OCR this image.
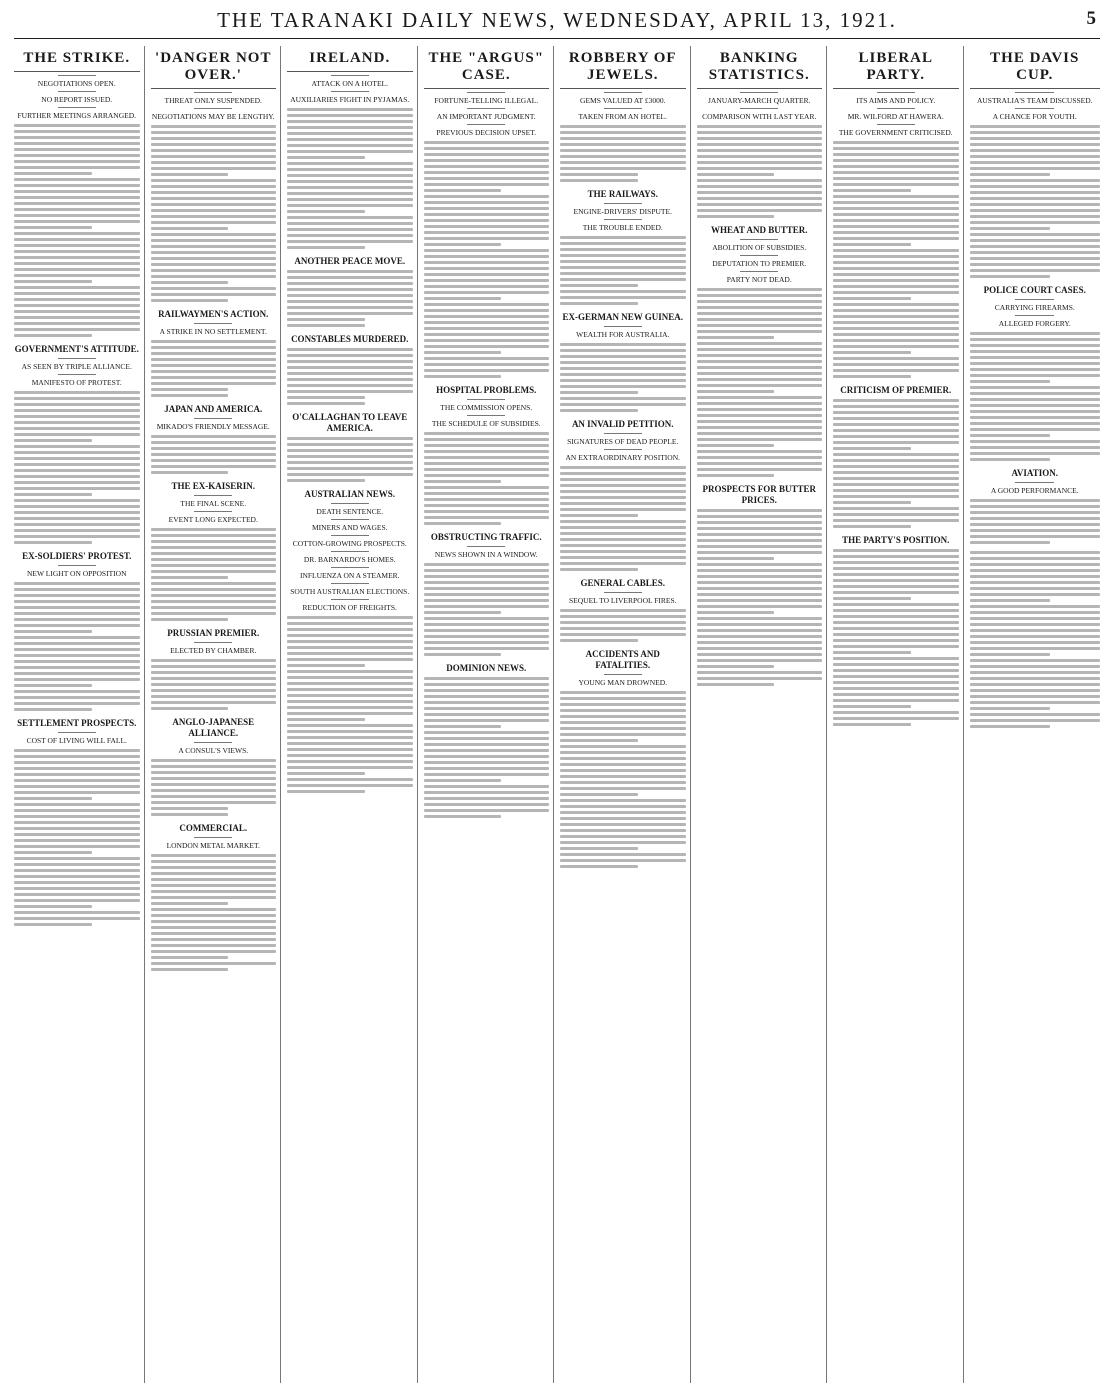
THE TARANAKI DAILY NEWS, WEDNESDAY, APRIL 13, 1921.	5
THE STRIKE.
NEGOTIATIONS OPEN.
NO REPORT ISSUED.
FURTHER MEETINGS ARRANGED.
GOVERNMENT'S ATTITUDE.
AS SEEN BY TRIPLE ALLIANCE.
MANIFESTO OF PROTEST.
EX-SOLDIERS' PROTEST.
NEW LIGHT ON OPPOSITION
SETTLEMENT PROSPECTS.
COST OF LIVING WILL FALL.
'DANGER NOT OVER.'
THREAT ONLY SUSPENDED.
NEGOTIATIONS MAY BE LENGTHY.
RAILWAYMEN'S ACTION.
A STRIKE IN NO SETTLEMENT.
JAPAN AND AMERICA.
MIKADO'S FRIENDLY MESSAGE.
THE EX-KAISERIN.
THE FINAL SCENE.
EVENT LONG EXPECTED.
PRUSSIAN PREMIER.
ELECTED BY CHAMBER.
ANGLO-JAPANESE ALLIANCE.
A CONSUL'S VIEWS.
COMMERCIAL.
LONDON METAL MARKET.
IRELAND.
ATTACK ON A HOTEL.
AUXILIARIES FIGHT IN PYJAMAS.
ANOTHER PEACE MOVE.
CONSTABLES MURDERED.
O'CALLAGHAN TO LEAVE AMERICA.
AUSTRALIAN NEWS.
DEATH SENTENCE.
MINERS AND WAGES.
COTTON-GROWING PROSPECTS.
DR. BARNARDO'S HOMES.
INFLUENZA ON A STEAMER.
SOUTH AUSTRALIAN ELECTIONS.
REDUCTION OF FREIGHTS.
THE "ARGUS" CASE.
FORTUNE-TELLING ILLEGAL.
AN IMPORTANT JUDGMENT.
PREVIOUS DECISION UPSET.
HOSPITAL PROBLEMS.
THE COMMISSION OPENS.
THE SCHEDULE OF SUBSIDIES.
OBSTRUCTING TRAFFIC.
NEWS SHOWN IN A WINDOW.
DOMINION NEWS.
ROBBERY OF JEWELS.
GEMS VALUED AT £3000.
TAKEN FROM AN HOTEL.
THE RAILWAYS.
ENGINE-DRIVERS' DISPUTE.
THE TROUBLE ENDED.
EX-GERMAN NEW GUINEA.
WEALTH FOR AUSTRALIA.
AN INVALID PETITION.
SIGNATURES OF DEAD PEOPLE.
AN EXTRAORDINARY POSITION.
GENERAL CABLES.
SEQUEL TO LIVERPOOL FIRES.
ACCIDENTS AND FATALITIES.
YOUNG MAN DROWNED.
BANKING STATISTICS.
JANUARY-MARCH QUARTER.
COMPARISON WITH LAST YEAR.
WHEAT AND BUTTER.
ABOLITION OF SUBSIDIES.
DEPUTATION TO PREMIER.
PARTY NOT DEAD.
PROSPECTS FOR BUTTER PRICES.
LIBERAL PARTY.
ITS AIMS AND POLICY.
MR. WILFORD AT HAWERA.
THE GOVERNMENT CRITICISED.
CRITICISM OF PREMIER.
THE PARTY'S POSITION.
THE DAVIS CUP.
AUSTRALIA'S TEAM DISCUSSED.
A CHANCE FOR YOUTH.
POLICE COURT CASES.
CARRYING FIREARMS.
ALLEGED FORGERY.
AVIATION.
A GOOD PERFORMANCE.
